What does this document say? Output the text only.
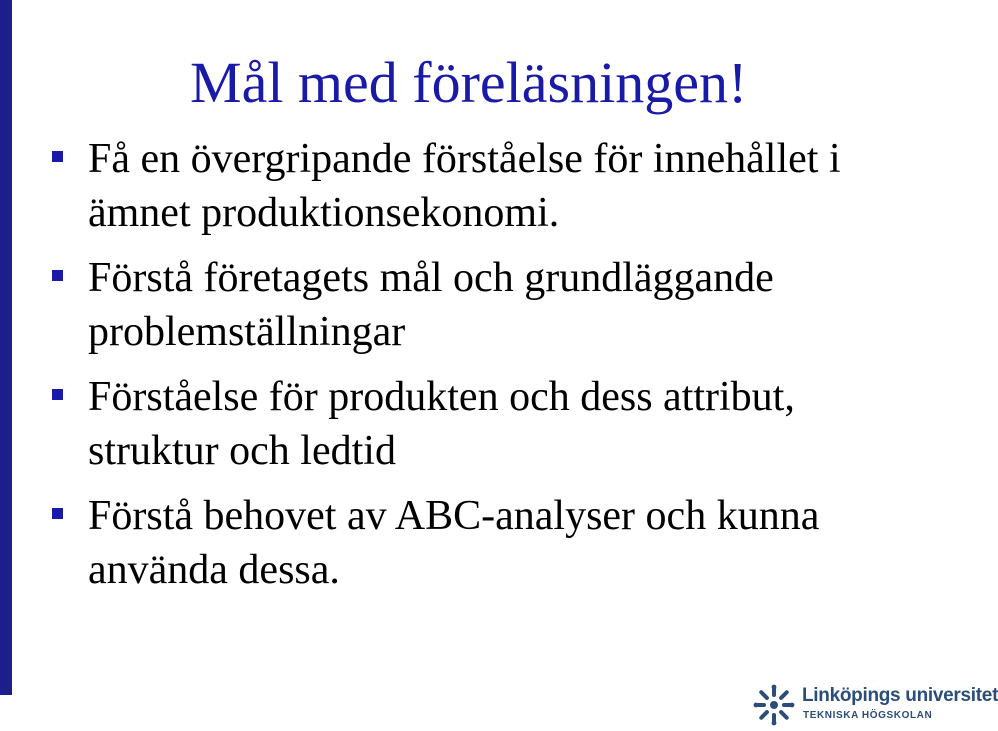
Mål med föreläsningen!
Få en övergripande förståelse för innehållet i ämnet produktionsekonomi.
Förstå företagets mål och grundläggande problemställningar
Förståelse för produkten och dess attribut, struktur och ledtid
Förstå behovet av ABC-analyser och kunna använda dessa.
Linköpings universitet
TEKNISKA HÖGSKOLAN
